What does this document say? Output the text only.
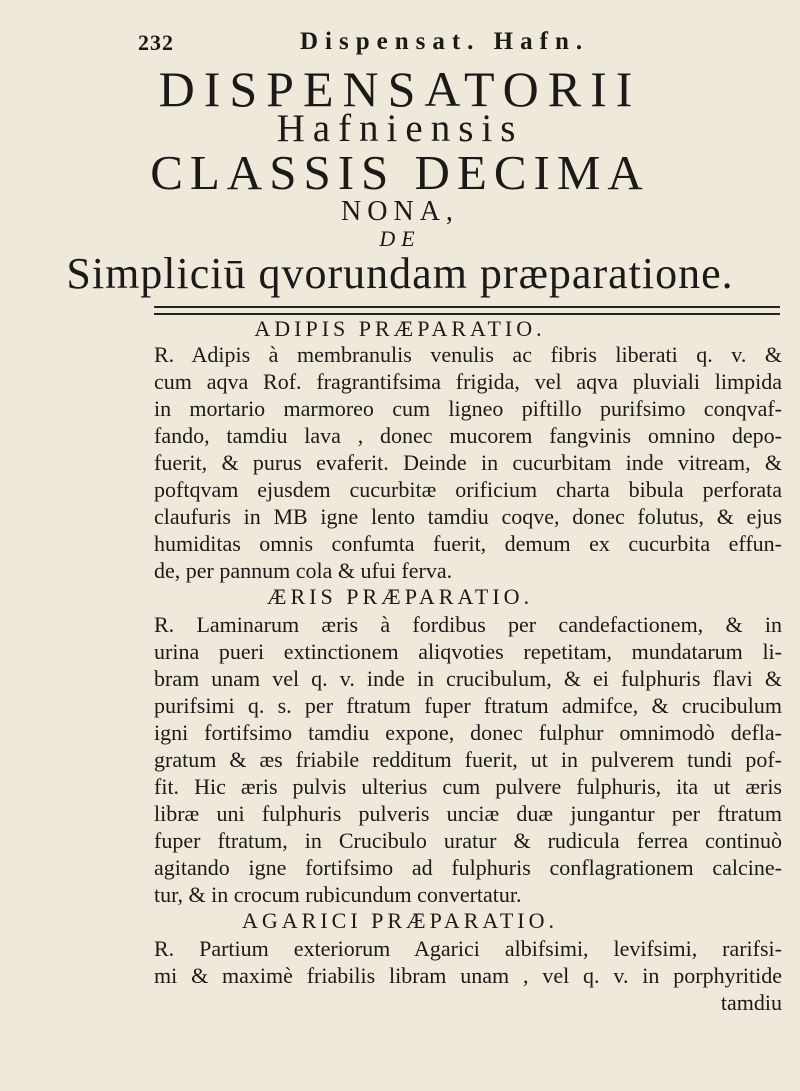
232	Dispensat. Hafn.
DISPENSATORII
Hafniensis
CLASSIS DECIMA
NONA,
DE
Simpliciū qvorundam præparatione.
ADIPIS PRÆPARATIO.
R. Adipis à membranulis venulis ac fibris liberati q. v. &
cum aqva Rof. fragrantifsima frigida, vel aqva pluviali limpida
in mortario marmoreo cum ligneo piftillo purifsimo conqvaf-
fando, tamdiu lava , donec mucorem fangvinis omnino depo-
fuerit, & purus evaferit. Deinde in cucurbitam inde vitream, &
poftqvam ejusdem cucurbitæ orificium charta bibula perforata
claufuris in MB igne lento tamdiu coqve, donec folutus, & ejus
humiditas omnis confumta fuerit, demum ex cucurbita effun-
de, per pannum cola & ufui ferva.
ÆRIS PRÆPARATIO.
R. Laminarum æris à fordibus per candefactionem, & in
urina pueri extinctionem aliqvoties repetitam, mundatarum li-
bram unam vel q. v. inde in crucibulum, & ei fulphuris flavi &
purifsimi q. s. per ftratum fuper ftratum admifce, & crucibulum
igni fortifsimo tamdiu expone, donec fulphur omnimodò defla-
gratum & æs friabile redditum fuerit, ut in pulverem tundi pof-
fit. Hic æris pulvis ulterius cum pulvere fulphuris, ita ut æris
libræ uni fulphuris pulveris unciæ duæ jungantur per ftratum
fuper ftratum, in Crucibulo uratur & rudicula ferrea continuò
agitando igne fortifsimo ad fulphuris conflagrationem calcine-
tur, & in crocum rubicundum convertatur.
AGARICI PRÆPARATIO.
R. Partium exteriorum Agarici albifsimi, levifsimi, rarifsi-
mi & maximè friabilis libram unam , vel q. v. in porphyritide
tamdiu
